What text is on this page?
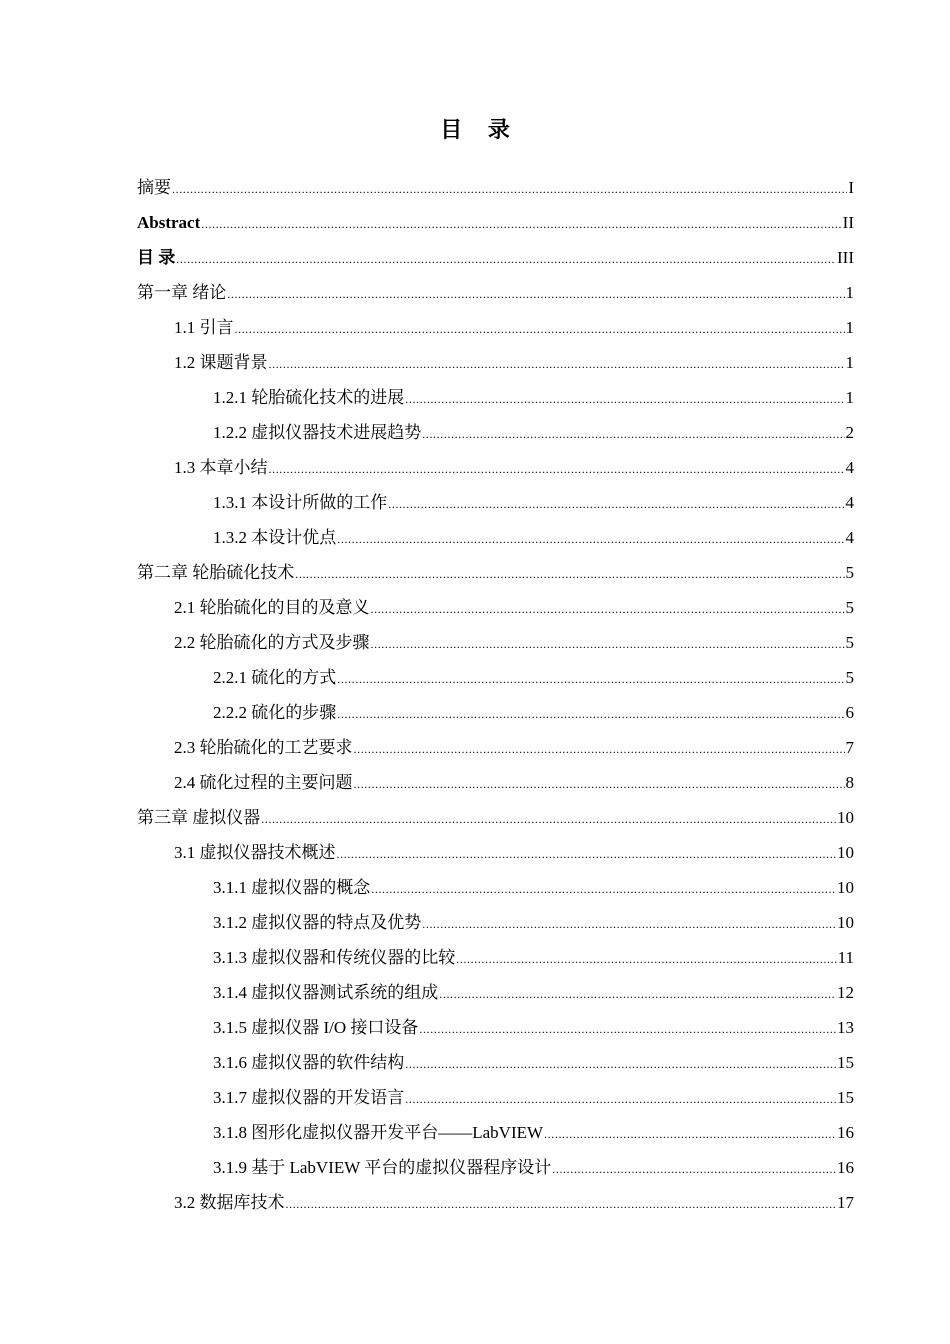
目 录
摘要 .....	I
Abstract .....	II
目 录 .....	III
第一章 绪论 .....	1
1.1 引言 .....	1
1.2 课题背景 .....	1
1.2.1 轮胎硫化技术的进展 .....	1
1.2.2 虚拟仪器技术进展趋势 .....	2
1.3 本章小结 .....	4
1.3.1 本设计所做的工作 .....	4
1.3.2 本设计优点 .....	4
第二章 轮胎硫化技术 .....	5
2.1 轮胎硫化的目的及意义 .....	5
2.2 轮胎硫化的方式及步骤 .....	5
2.2.1 硫化的方式 .....	5
2.2.2 硫化的步骤 .....	6
2.3 轮胎硫化的工艺要求 .....	7
2.4 硫化过程的主要问题 .....	8
第三章 虚拟仪器 .....	10
3.1 虚拟仪器技术概述 .....	10
3.1.1 虚拟仪器的概念 .....	10
3.1.2 虚拟仪器的特点及优势 .....	10
3.1.3 虚拟仪器和传统仪器的比较 .....	11
3.1.4 虚拟仪器测试系统的组成 .....	12
3.1.5 虚拟仪器 I/O 接口设备 .....	13
3.1.6 虚拟仪器的软件结构 .....	15
3.1.7 虚拟仪器的开发语言 .....	15
3.1.8 图形化虚拟仪器开发平台——LabVIEW .....	16
3.1.9 基于 LabVIEW 平台的虚拟仪器程序设计 .....	16
3.2 数据库技术 .....	17
